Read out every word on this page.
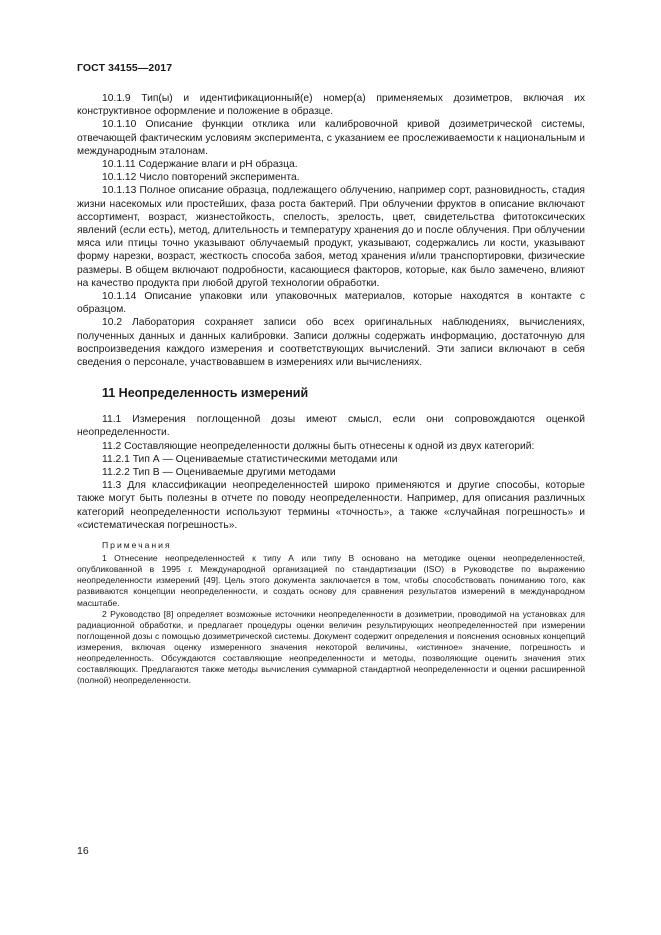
ГОСТ 34155—2017

10.1.9 Тип(ы) и идентификационный(е) номер(а) применяемых дозиметров, включая их конструктивное оформление и положение в образце.

10.1.10 Описание функции отклика или калибровочной кривой дозиметрической системы, отвечающей фактическим условиям эксперимента, с указанием ее прослеживаемости к национальным и международным эталонам.

10.1.11 Содержание влаги и pH образца.

10.1.12 Число повторений эксперимента.

10.1.13 Полное описание образца, подлежащего облучению, например сорт, разновидность, стадия жизни насекомых или простейших, фаза роста бактерий. При облучении фруктов в описание включают ассортимент, возраст, жизнестойкость, спелость, зрелость, цвет, свидетельства фитотоксических явлений (если есть), метод, длительность и температуру хранения до и после облучения. При облучении мяса или птицы точно указывают облучаемый продукт, указывают, содержались ли кости, указывают форму нарезки, возраст, жесткость способа забоя, метод хранения и/или транспортировки, физические размеры. В общем включают подробности, касающиеся факторов, которые, как было замечено, влияют на качество продукта при любой другой технологии обработки.

10.1.14 Описание упаковки или упаковочных материалов, которые находятся в контакте с образцом.

10.2 Лаборатория сохраняет записи обо всех оригинальных наблюдениях, вычислениях, полученных данных и данных калибровки. Записи должны содержать информацию, достаточную для воспроизведения каждого измерения и соответствующих вычислений. Эти записи включают в себя сведения о персонале, участвовавшем в измерениях или вычислениях.

11 Неопределенность измерений

11.1 Измерения поглощенной дозы имеют смысл, если они сопровождаются оценкой неопределенности.

11.2 Составляющие неопределенности должны быть отнесены к одной из двух категорий:

11.2.1 Тип А — Оцениваемые статистическими методами или

11.2.2 Тип В — Оцениваемые другими методами

11.3 Для классификации неопределенностей широко применяются и другие способы, которые также могут быть полезны в отчете по поводу неопределенности. Например, для описания различных категорий неопределенности используют термины «точность», а также «случайная погрешность» и «систематическая погрешность».

Примечания

1 Отнесение неопределенностей к типу А или типу В основано на методике оценки неопределенностей, опубликованной в 1995 г. Международной организацией по стандартизации (ISO) в Руководстве по выражению неопределенности измерений [49]. Цель этого документа заключается в том, чтобы способствовать пониманию того, как развиваются концепции неопределенности, и создать основу для сравнения результатов измерений в международном масштабе.

2 Руководство [8] определяет возможные источники неопределенности в дозиметрии, проводимой на установках для радиационной обработки, и предлагает процедуры оценки величин результирующих неопределенностей при измерении поглощенной дозы с помощью дозиметрической системы. Документ содержит определения и пояснения основных концепций измерения, включая оценку измеренного значения некоторой величины, «истинное» значение, погрешность и неопределенность. Обсуждаются составляющие неопределенности и методы, позволяющие оценить значения этих составляющих. Предлагаются также методы вычисления суммарной стандартной неопределенности и оценки расширенной (полной) неопределенности.

16
